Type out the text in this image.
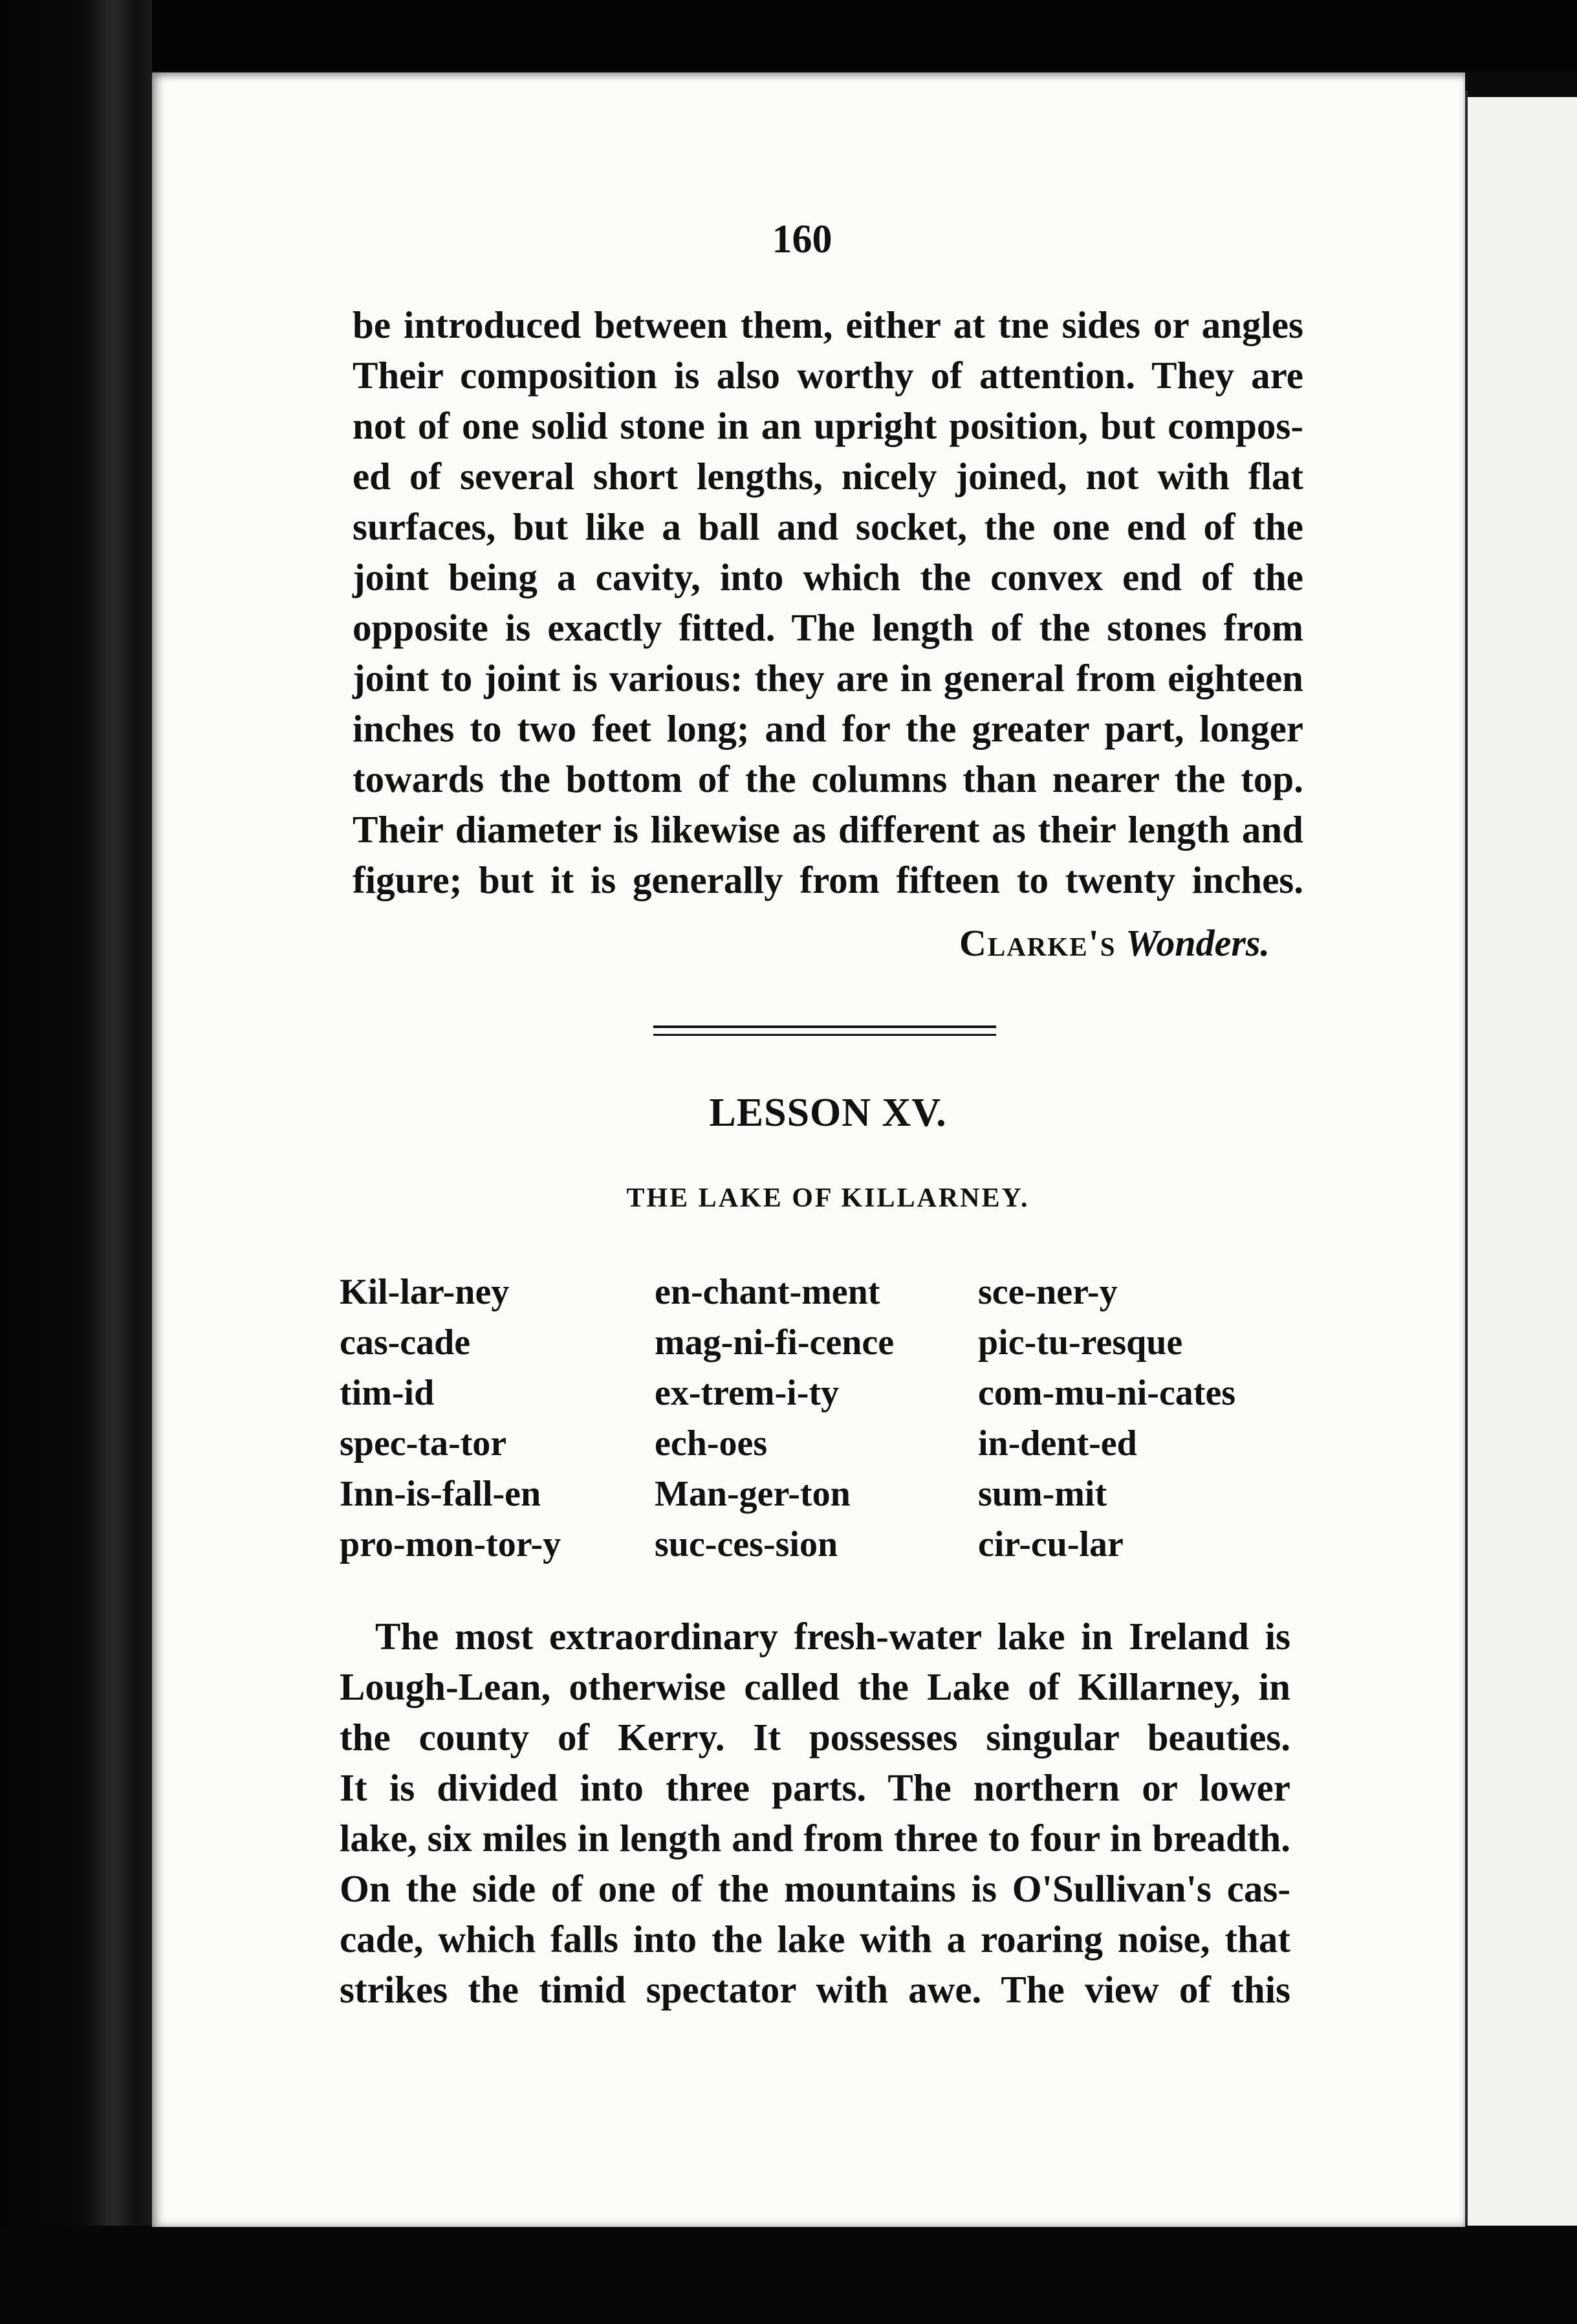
160
be introduced between them, either at tne sides or angles
Their composition is also worthy of attention. They are
not of one solid stone in an upright position, but compos-
ed of several short lengths, nicely joined, not with flat
surfaces, but like a ball and socket, the one end of the
joint being a cavity, into which the convex end of the
opposite is exactly fitted. The length of the stones from
joint to joint is various: they are in general from eighteen
inches to two feet long; and for the greater part, longer
towards the bottom of the columns than nearer the top.
Their diameter is likewise as different as their length and
figure; but it is generally from fifteen to twenty inches.
Clarke's Wonders.
LESSON XV.
THE LAKE OF KILLARNEY.
Kil-lar-ney	en-chant-ment	sce-ner-y
cas-cade	mag-ni-fi-cence	pic-tu-resque
tim-id	ex-trem-i-ty	com-mu-ni-cates
spec-ta-tor	ech-oes	in-dent-ed
Inn-is-fall-en	Man-ger-ton	sum-mit
pro-mon-tor-y	suc-ces-sion	cir-cu-lar
The most extraordinary fresh-water lake in Ireland is
Lough-Lean, otherwise called the Lake of Killarney, in
the county of Kerry. It possesses singular beauties.
It is divided into three parts. The northern or lower
lake, six miles in length and from three to four in breadth.
On the side of one of the mountains is O'Sullivan's cas-
cade, which falls into the lake with a roaring noise, that
strikes the timid spectator with awe. The view of this
